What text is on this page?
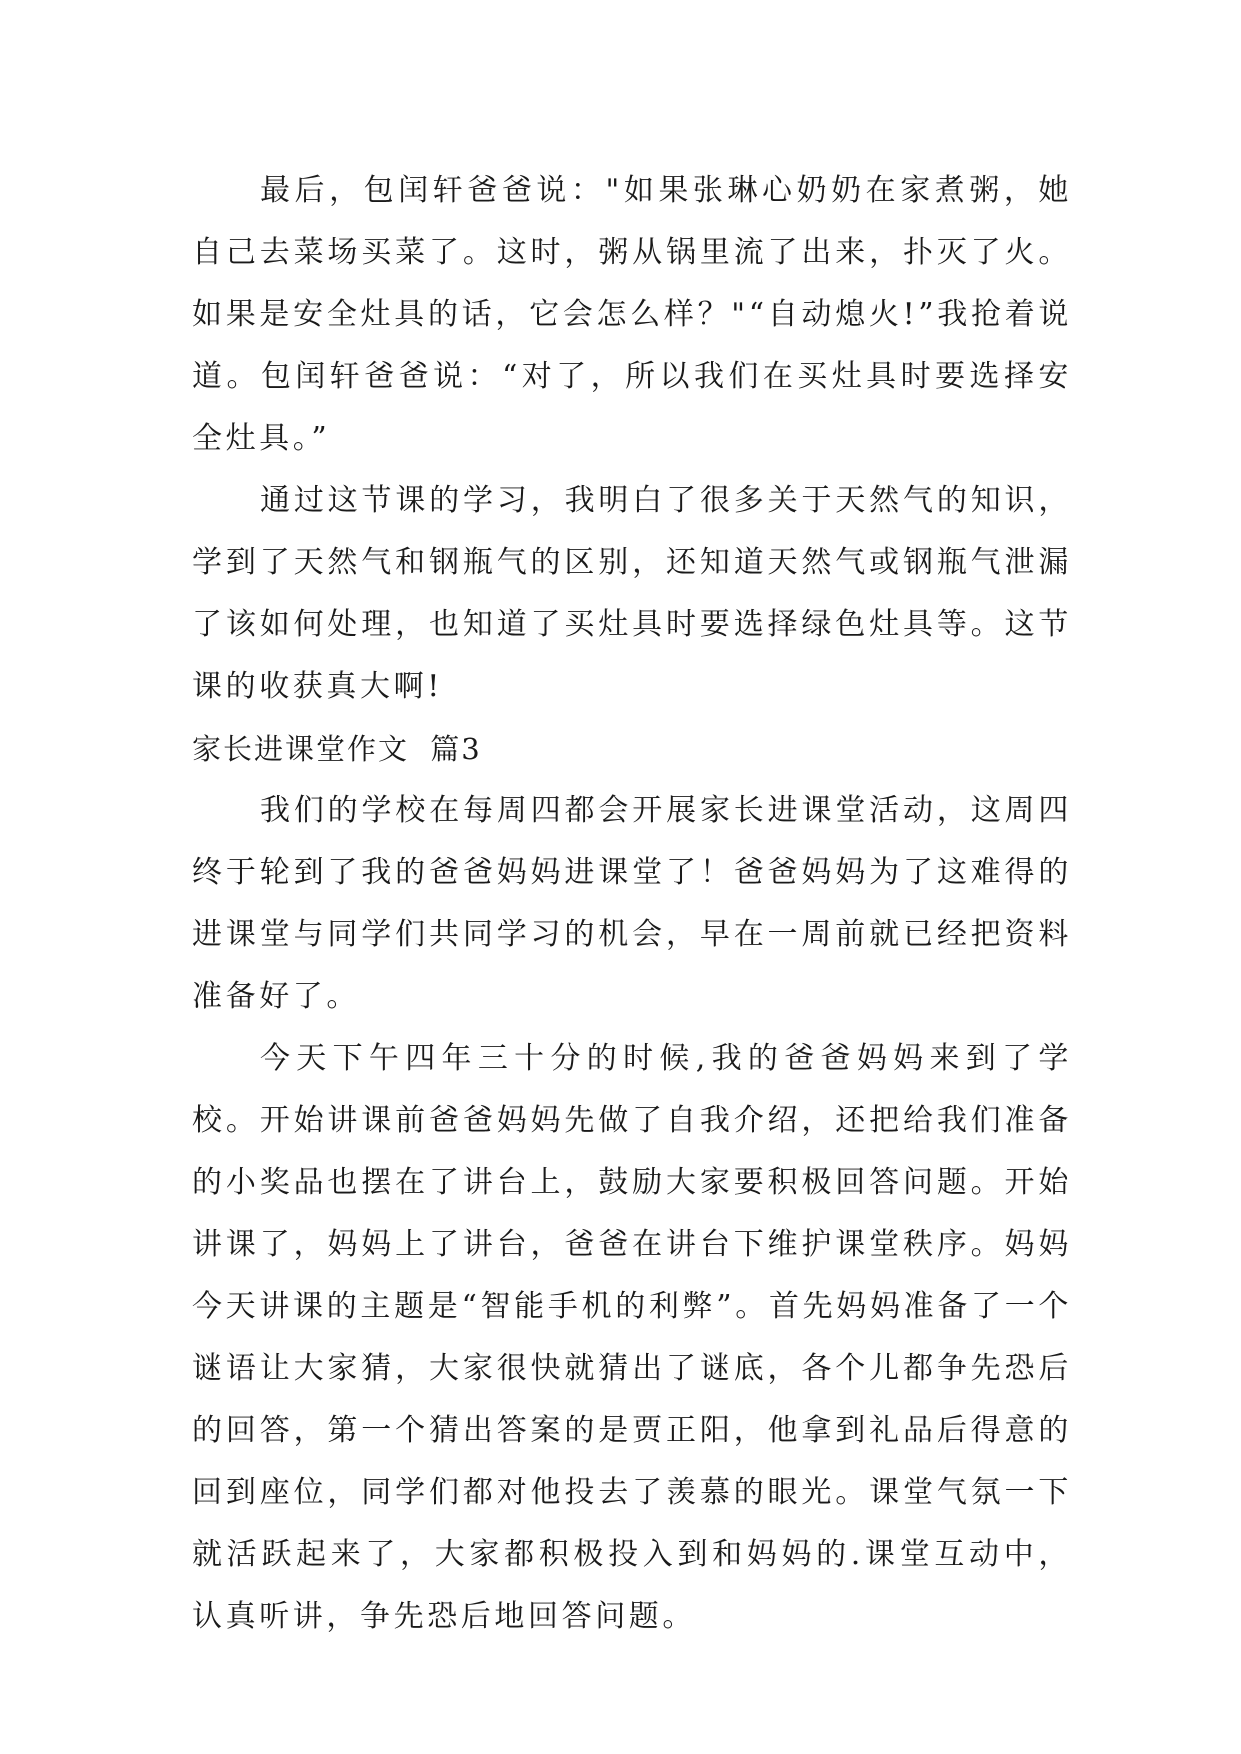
最后，包闰轩爸爸说："如果张琳心奶奶在家煮粥，她自己去菜场买菜了。这时，粥从锅里流了出来，扑灭了火。如果是安全灶具的话，它会怎么样？"“自动熄火!”我抢着说道。包闰轩爸爸说：“对了，所以我们在买灶具时要选择安全灶具。”

通过这节课的学习，我明白了很多关于天然气的知识，学到了天然气和钢瓶气的区别，还知道天然气或钢瓶气泄漏了该如何处理，也知道了买灶具时要选择绿色灶具等。这节课的收获真大啊!

家长进课堂作文 篇3

我们的学校在每周四都会开展家长进课堂活动，这周四终于轮到了我的爸爸妈妈进课堂了！爸爸妈妈为了这难得的进课堂与同学们共同学习的机会，早在一周前就已经把资料准备好了。

今天下午四年三十分的时候,我的爸爸妈妈来到了学校。开始讲课前爸爸妈妈先做了自我介绍，还把给我们准备的小奖品也摆在了讲台上，鼓励大家要积极回答问题。开始讲课了，妈妈上了讲台，爸爸在讲台下维护课堂秩序。妈妈今天讲课的主题是“智能手机的利弊”。首先妈妈准备了一个谜语让大家猜，大家很快就猜出了谜底，各个儿都争先恐后的回答，第一个猜出答案的是贾正阳，他拿到礼品后得意的回到座位，同学们都对他投去了羡慕的眼光。课堂气氛一下就活跃起来了，大家都积极投入到和妈妈的.课堂互动中，认真听讲，争先恐后地回答问题。
